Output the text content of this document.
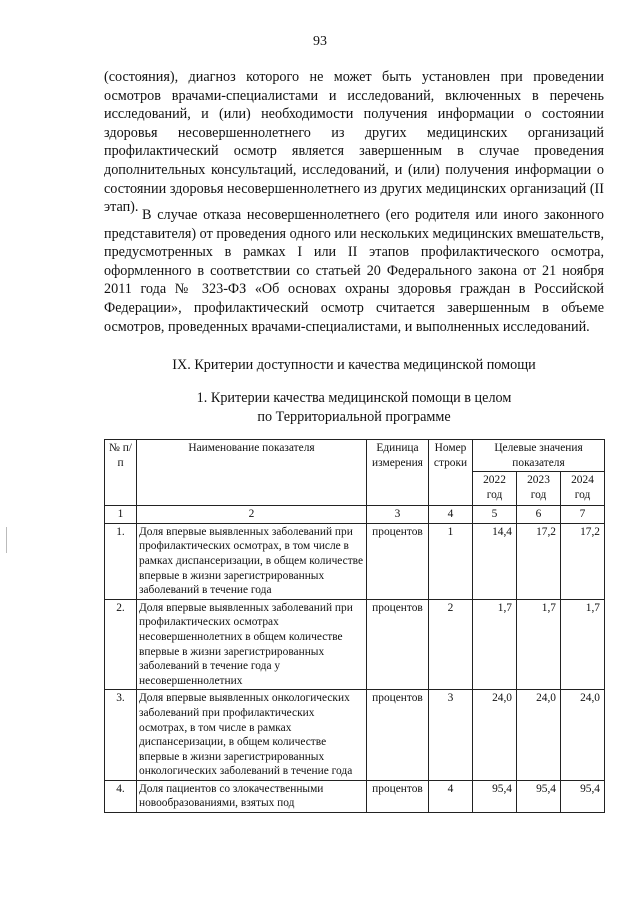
93

(состояния), диагноз которого не может быть установлен при проведении осмотров врачами-специалистами и исследований, включенных в перечень исследований, и (или) необходимости получения информации о состоянии здоровья несовершеннолетнего из других медицинских организаций профилактический осмотр является завершенным в случае проведения дополнительных консультаций, исследований, и (или) получения информации о состоянии здоровья несовершеннолетнего из других медицинских организаций (II этап). В случае отказа несовершеннолетнего (его родителя или иного законного представителя) от проведения одного или нескольких медицинских вмешательств, предусмотренных в рамках I или II этапов профилактического осмотра, оформленного в соответствии со статьей 20 Федерального закона от 21 ноября 2011 года № 323-ФЗ «Об основах охраны здоровья граждан в Российской Федерации», профилактический осмотр считается завершенным в объеме осмотров, проведенных врачами-специалистами, и выполненных исследований.

IX. Критерии доступности и качества медицинской помощи
1. Критерии качества медицинской помощи в целом
по Территориальной программе
№ п/п	Наименование показателя	Единица измерения	Номер строки	Целевые значения показателя		
				2022 год	2023 год	2024 год
1	2	3	4	5	6	7
1.	Доля впервые выявленных заболеваний при профилактических осмотрах, в том числе в рамках диспансеризации, в общем количестве впервые в жизни зарегистрированных заболеваний в течение года	процентов	1	14,4	17,2	17,2
2.	Доля впервые выявленных заболеваний при профилактических осмотрах несовершеннолетних в общем количестве впервые в жизни зарегистрированных заболеваний в течение года у несовершеннолетних	процентов	2	1,7	1,7	1,7
3.	Доля впервые выявленных онкологических заболеваний при профилактических осмотрах, в том числе в рамках диспансеризации, в общем количестве впервые в жизни зарегистрированных онкологических заболеваний в течение года	процентов	3	24,0	24,0	24,0
4.	Доля пациентов со злокачественными новообразованиями, взятых под	процентов	4	95,4	95,4	95,4
